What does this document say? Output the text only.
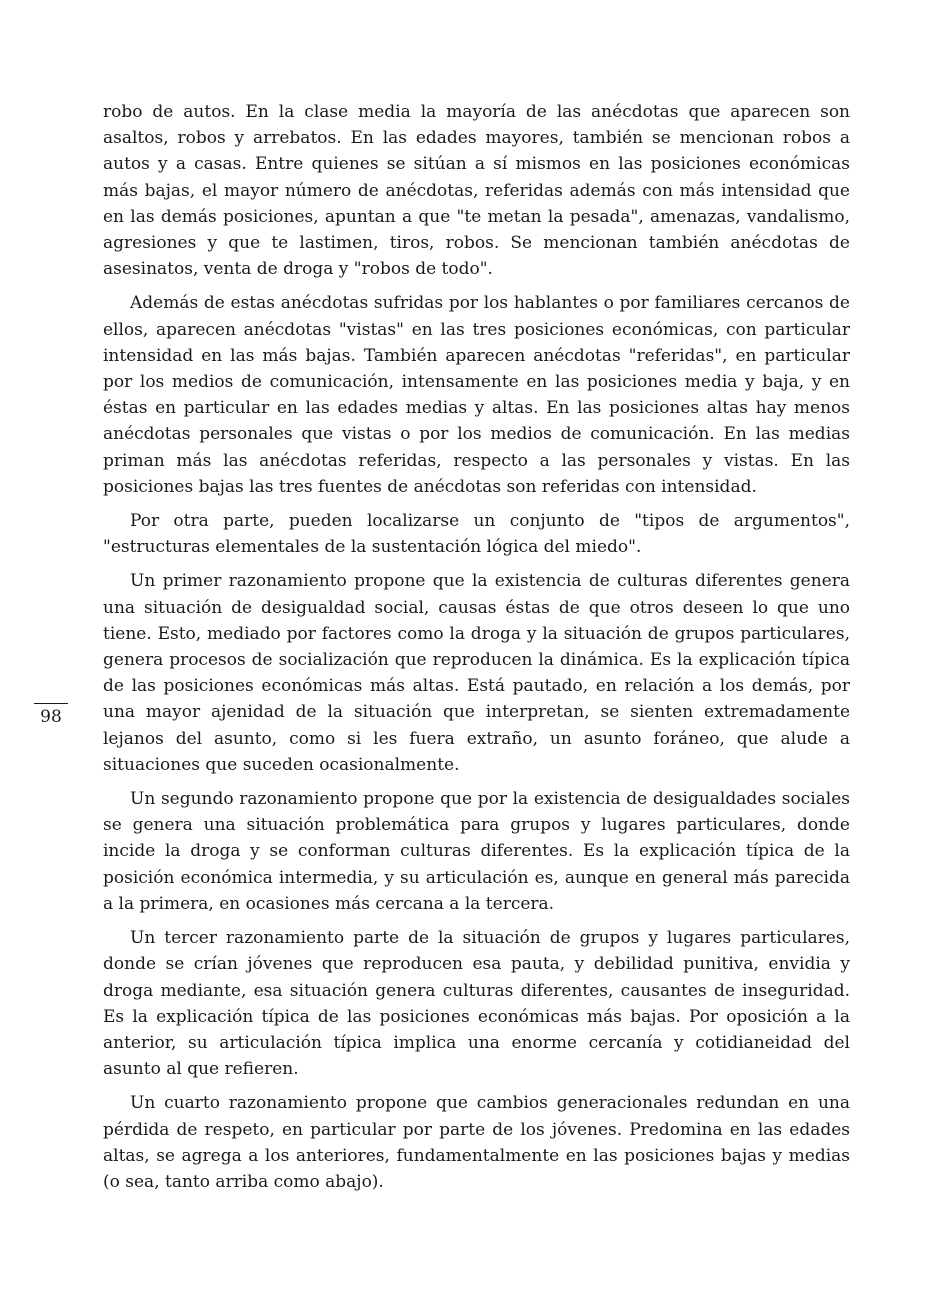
robo de autos. En la clase media la mayoría de las anécdotas que aparecen son asaltos, robos y arrebatos. En las edades mayores, también se mencionan robos a autos y a casas. Entre quienes se sitúan a sí mismos en las posiciones económicas más bajas, el mayor número de anécdotas, referidas además con más intensidad que en las demás posiciones, apuntan a que "te metan la pesada", amenazas, vandalismo, agresiones y que te lastimen, tiros, robos. Se mencionan también anécdotas de asesinatos, venta de droga y "robos de todo".

Además de estas anécdotas sufridas por los hablantes o por familiares cercanos de ellos, aparecen anécdotas "vistas" en las tres posiciones económicas, con particular intensidad en las más bajas. También aparecen anécdotas "referidas", en particular por los medios de comunicación, intensamente en las posiciones media y baja, y en éstas en particular en las edades medias y altas. En las posiciones altas hay menos anécdotas personales que vistas o por los medios de comunicación. En las medias priman más las anécdotas referidas, respecto a las personales y vistas. En las posiciones bajas las tres fuentes de anécdotas son referidas con intensidad.

Por otra parte, pueden localizarse un conjunto de "tipos de argumentos", "estructuras elementales de la sustentación lógica del miedo".

Un primer razonamiento propone que la existencia de culturas diferentes genera una situación de desigualdad social, causas éstas de que otros deseen lo que uno tiene. Esto, mediado por factores como la droga y la situación de grupos particulares, genera procesos de socialización que reproducen la dinámica. Es la explicación típica de las posiciones económicas más altas. Está pautado, en relación a los demás, por una mayor ajenidad de la situación que interpretan, se sienten extremadamente lejanos del asunto, como si les fuera extraño, un asunto foráneo, que alude a situaciones que suceden ocasionalmente.

Un segundo razonamiento propone que por la existencia de desigualdades sociales se genera una situación problemática para grupos y lugares particulares, donde incide la droga y se conforman culturas diferentes. Es la explicación típica de la posición económica intermedia, y su articulación es, aunque en general más parecida a la primera, en ocasiones más cercana a la tercera.

Un tercer razonamiento parte de la situación de grupos y lugares particulares, donde se crían jóvenes que reproducen esa pauta, y debilidad punitiva, envidia y droga mediante, esa situación genera culturas diferentes, causantes de inseguridad. Es la explicación típica de las posiciones económicas más bajas. Por oposición a la anterior, su articulación típica implica una enorme cercanía y cotidianeidad del asunto al que refieren.

Un cuarto razonamiento propone que cambios generacionales redundan en una pérdida de respeto, en particular por parte de los jóvenes. Predomina en las edades altas, se agrega a los anteriores, fundamentalmente en las posiciones bajas y medias (o sea, tanto arriba como abajo).

98
